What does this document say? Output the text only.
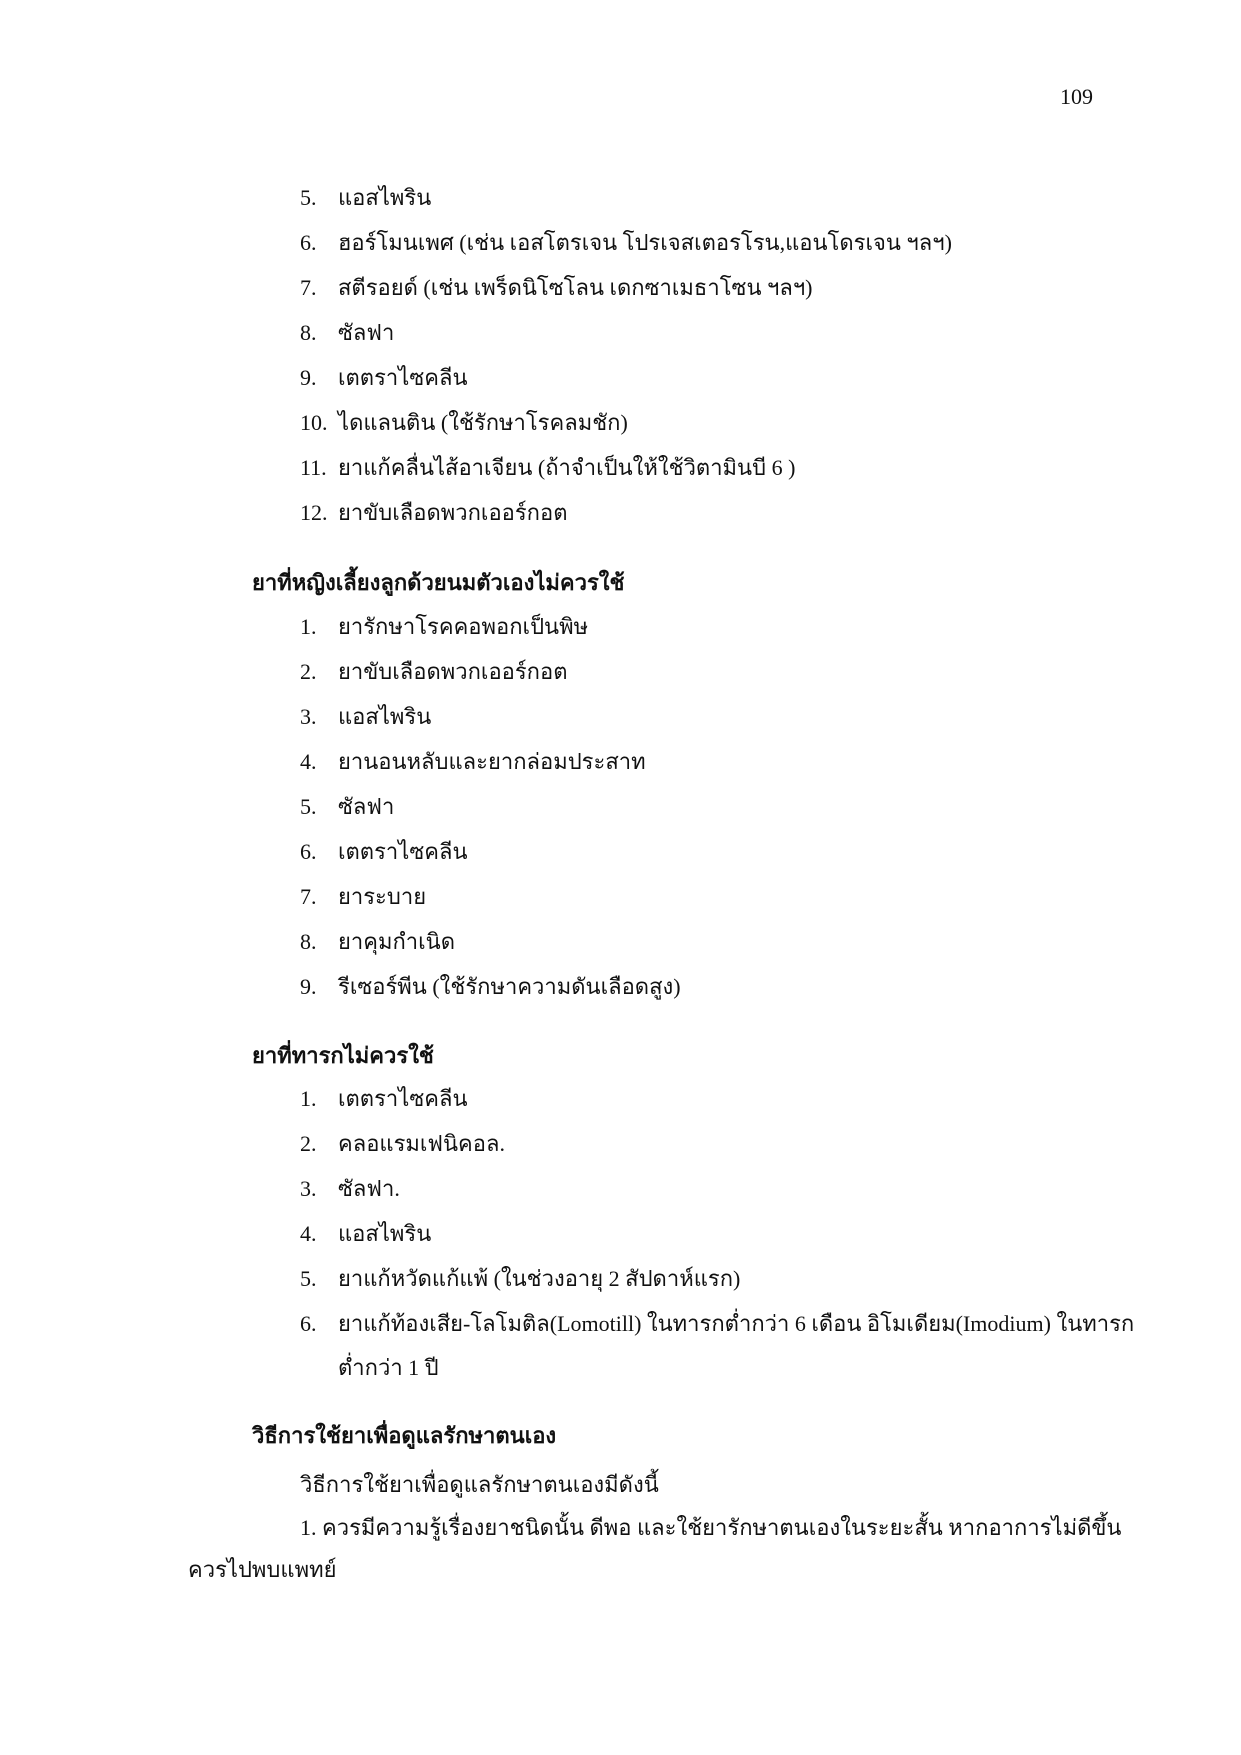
109
5. แอสไพริน
6. ฮอร์โมนเพศ (เช่น เอสโตรเจน โปรเจสเตอรโรน,แอนโดรเจน ฯลฯ)
7. สตีรอยด์ (เช่น เพร็ดนิโซโลน เดกซาเมธาโซน ฯลฯ)
8. ซัลฟา
9. เตตราไซคลีน
10. ไดแลนติน (ใช้รักษาโรคลมชัก)
11. ยาแก้คลื่นไส้อาเจียน (ถ้าจำเป็นให้ใช้วิตามินบี 6 )
12. ยาขับเลือดพวกเออร์กอต
ยาที่หญิงเลี้ยงลูกด้วยนมตัวเองไม่ควรใช้
1. ยารักษาโรคคอพอกเป็นพิษ
2. ยาขับเลือดพวกเออร์กอต
3. แอสไพริน
4. ยานอนหลับและยากล่อมประสาท
5. ซัลฟา
6. เตตราไซคลีน
7. ยาระบาย
8. ยาคุมกำเนิด
9. รีเซอร์พีน (ใช้รักษาความดันเลือดสูง)
ยาที่ทารกไม่ควรใช้
1. เตตราไซคลีน
2. คลอแรมเฟนิคอล.
3. ซัลฟา.
4. แอสไพริน
5. ยาแก้หวัดแก้แพ้ (ในช่วงอายุ 2 สัปดาห์แรก)
6. ยาแก้ท้องเสีย-โลโมติล(Lomotill) ในทารกต่ำกว่า 6 เดือน อิโมเดียม(Imodium) ในทารก
ต่ำกว่า 1 ปี
วิธีการใช้ยาเพื่อดูแลรักษาตนเอง
วิธีการใช้ยาเพื่อดูแลรักษาตนเองมีดังนี้
1. ควรมีความรู้เรื่องยาชนิดนั้น ดีพอ และใช้ยารักษาตนเองในระยะสั้น หากอาการไม่ดีขึ้น
ควรไปพบแพทย์
